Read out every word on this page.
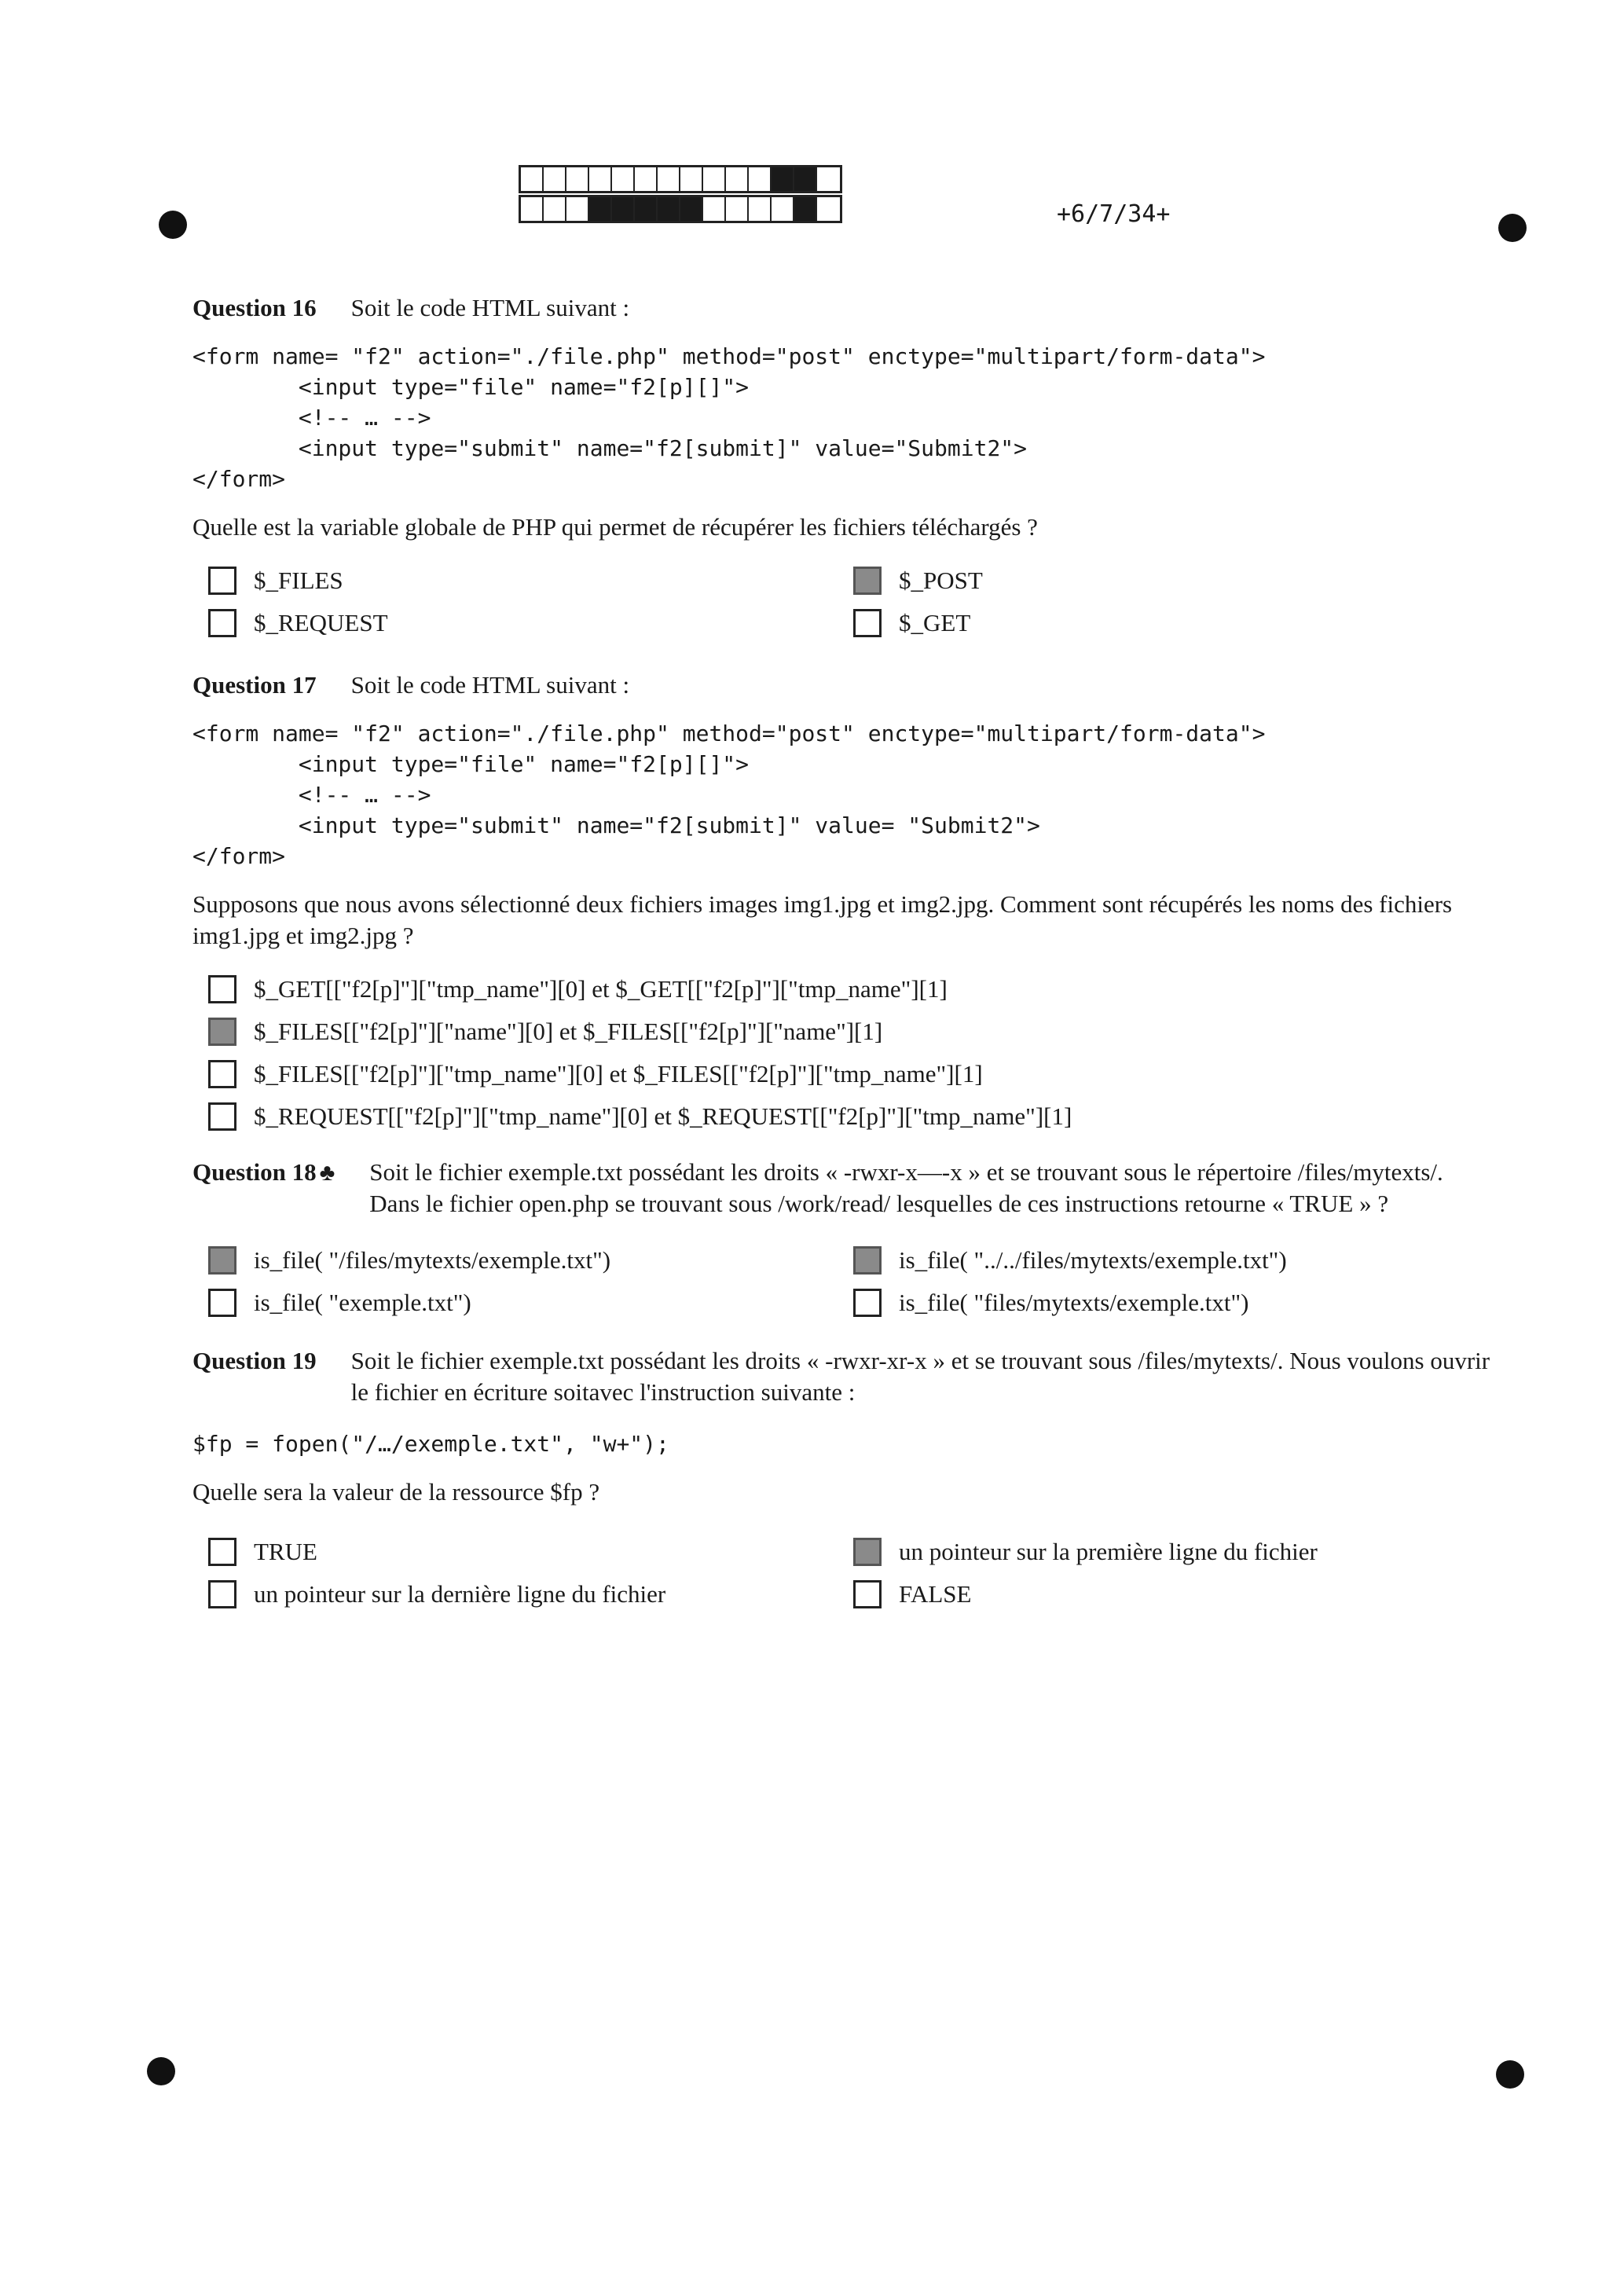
+6/7/34+
Question 16 Soit le code HTML suivant :
<form name= "f2" action="./file.php" method="post" enctype="multipart/form-data">
<input type="file" name="f2[p][]">
<!-- … -->
<input type="submit" name="f2[submit]" value="Submit2">
</form>
Quelle est la variable globale de PHP qui permet de récupérer les fichiers téléchargés ?
$_FILES	$_POST
$_REQUEST	$_GET
Question 17 Soit le code HTML suivant :
<form name= "f2" action="./file.php" method="post" enctype="multipart/form-data">
<input type="file" name="f2[p][]">
<!-- … -->
<input type="submit" name="f2[submit]" value= "Submit2">
</form>
Supposons que nous avons sélectionné deux fichiers images img1.jpg et img2.jpg. Comment sont récupérés les noms des fichiers img1.jpg et img2.jpg ?
$_GET[["f2[p]"]["tmp_name"][0] et $_GET[["f2[p]"]["tmp_name"][1]
$_FILES[["f2[p]"]["name"][0] et $_FILES[["f2[p]"]["name"][1]
$_FILES[["f2[p]"]["tmp_name"][0] et $_FILES[["f2[p]"]["tmp_name"][1]
$_REQUEST[["f2[p]"]["tmp_name"][0] et $_REQUEST[["f2[p]"]["tmp_name"][1]
Question 18 ♣ Soit le fichier exemple.txt possédant les droits « -rwxr-x—-x » et se trouvant sous le répertoire /files/mytexts/. Dans le fichier open.php se trouvant sous /work/read/ lesquelles de ces instructions retourne « TRUE » ?
is_file( "/files/mytexts/exemple.txt")	is_file( "../../files/mytexts/exemple.txt")
is_file( "exemple.txt")	is_file( "files/mytexts/exemple.txt")
Question 19 Soit le fichier exemple.txt possédant les droits « -rwxr-xr-x » et se trouvant sous /files/mytexts/. Nous voulons ouvrir le fichier en écriture soitavec l'instruction suivante :
$fp = fopen("/…/exemple.txt", "w+");
Quelle sera la valeur de la ressource $fp ?
TRUE	un pointeur sur la première ligne du fichier
un pointeur sur la dernière ligne du fichier	FALSE
